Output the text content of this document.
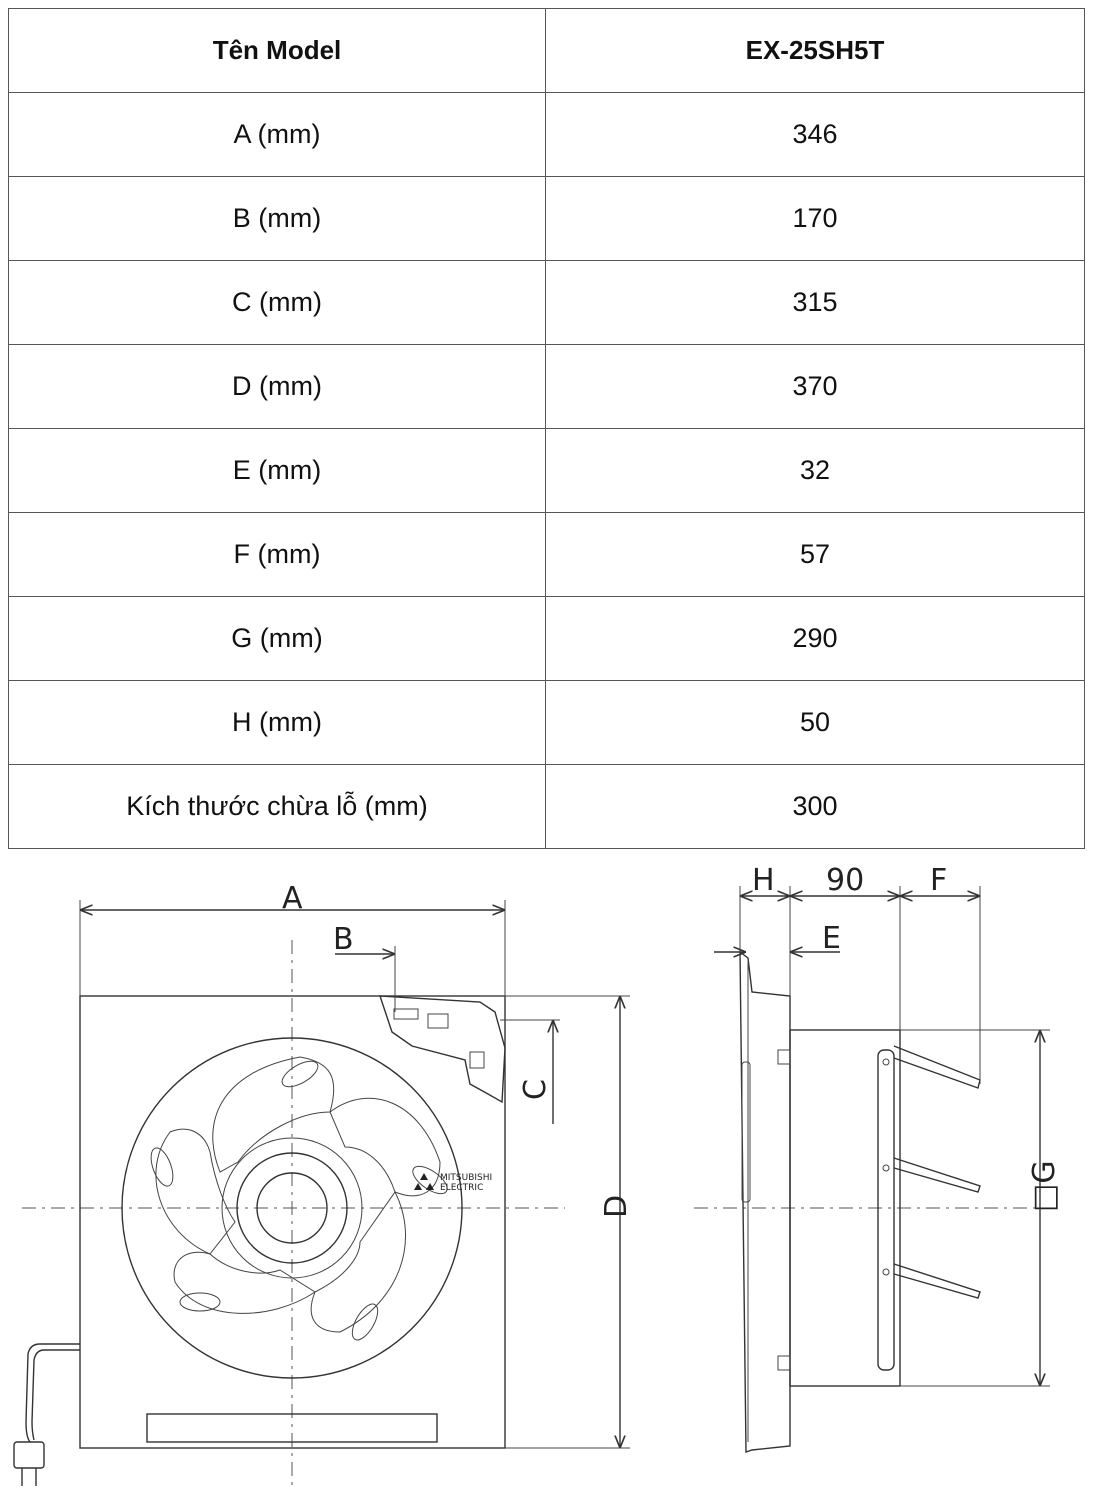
Tên Model	EX-25SH5T
A (mm)	346
B (mm)	170
C (mm)	315
D (mm)	370
E (mm)	32
F (mm)	57
G (mm)	290
H (mm)	50
Kích thước chừa lỗ (mm)	300
MITSUBISHI
ELECTRIC
A
B
C
D
H 90 F
E
□G
